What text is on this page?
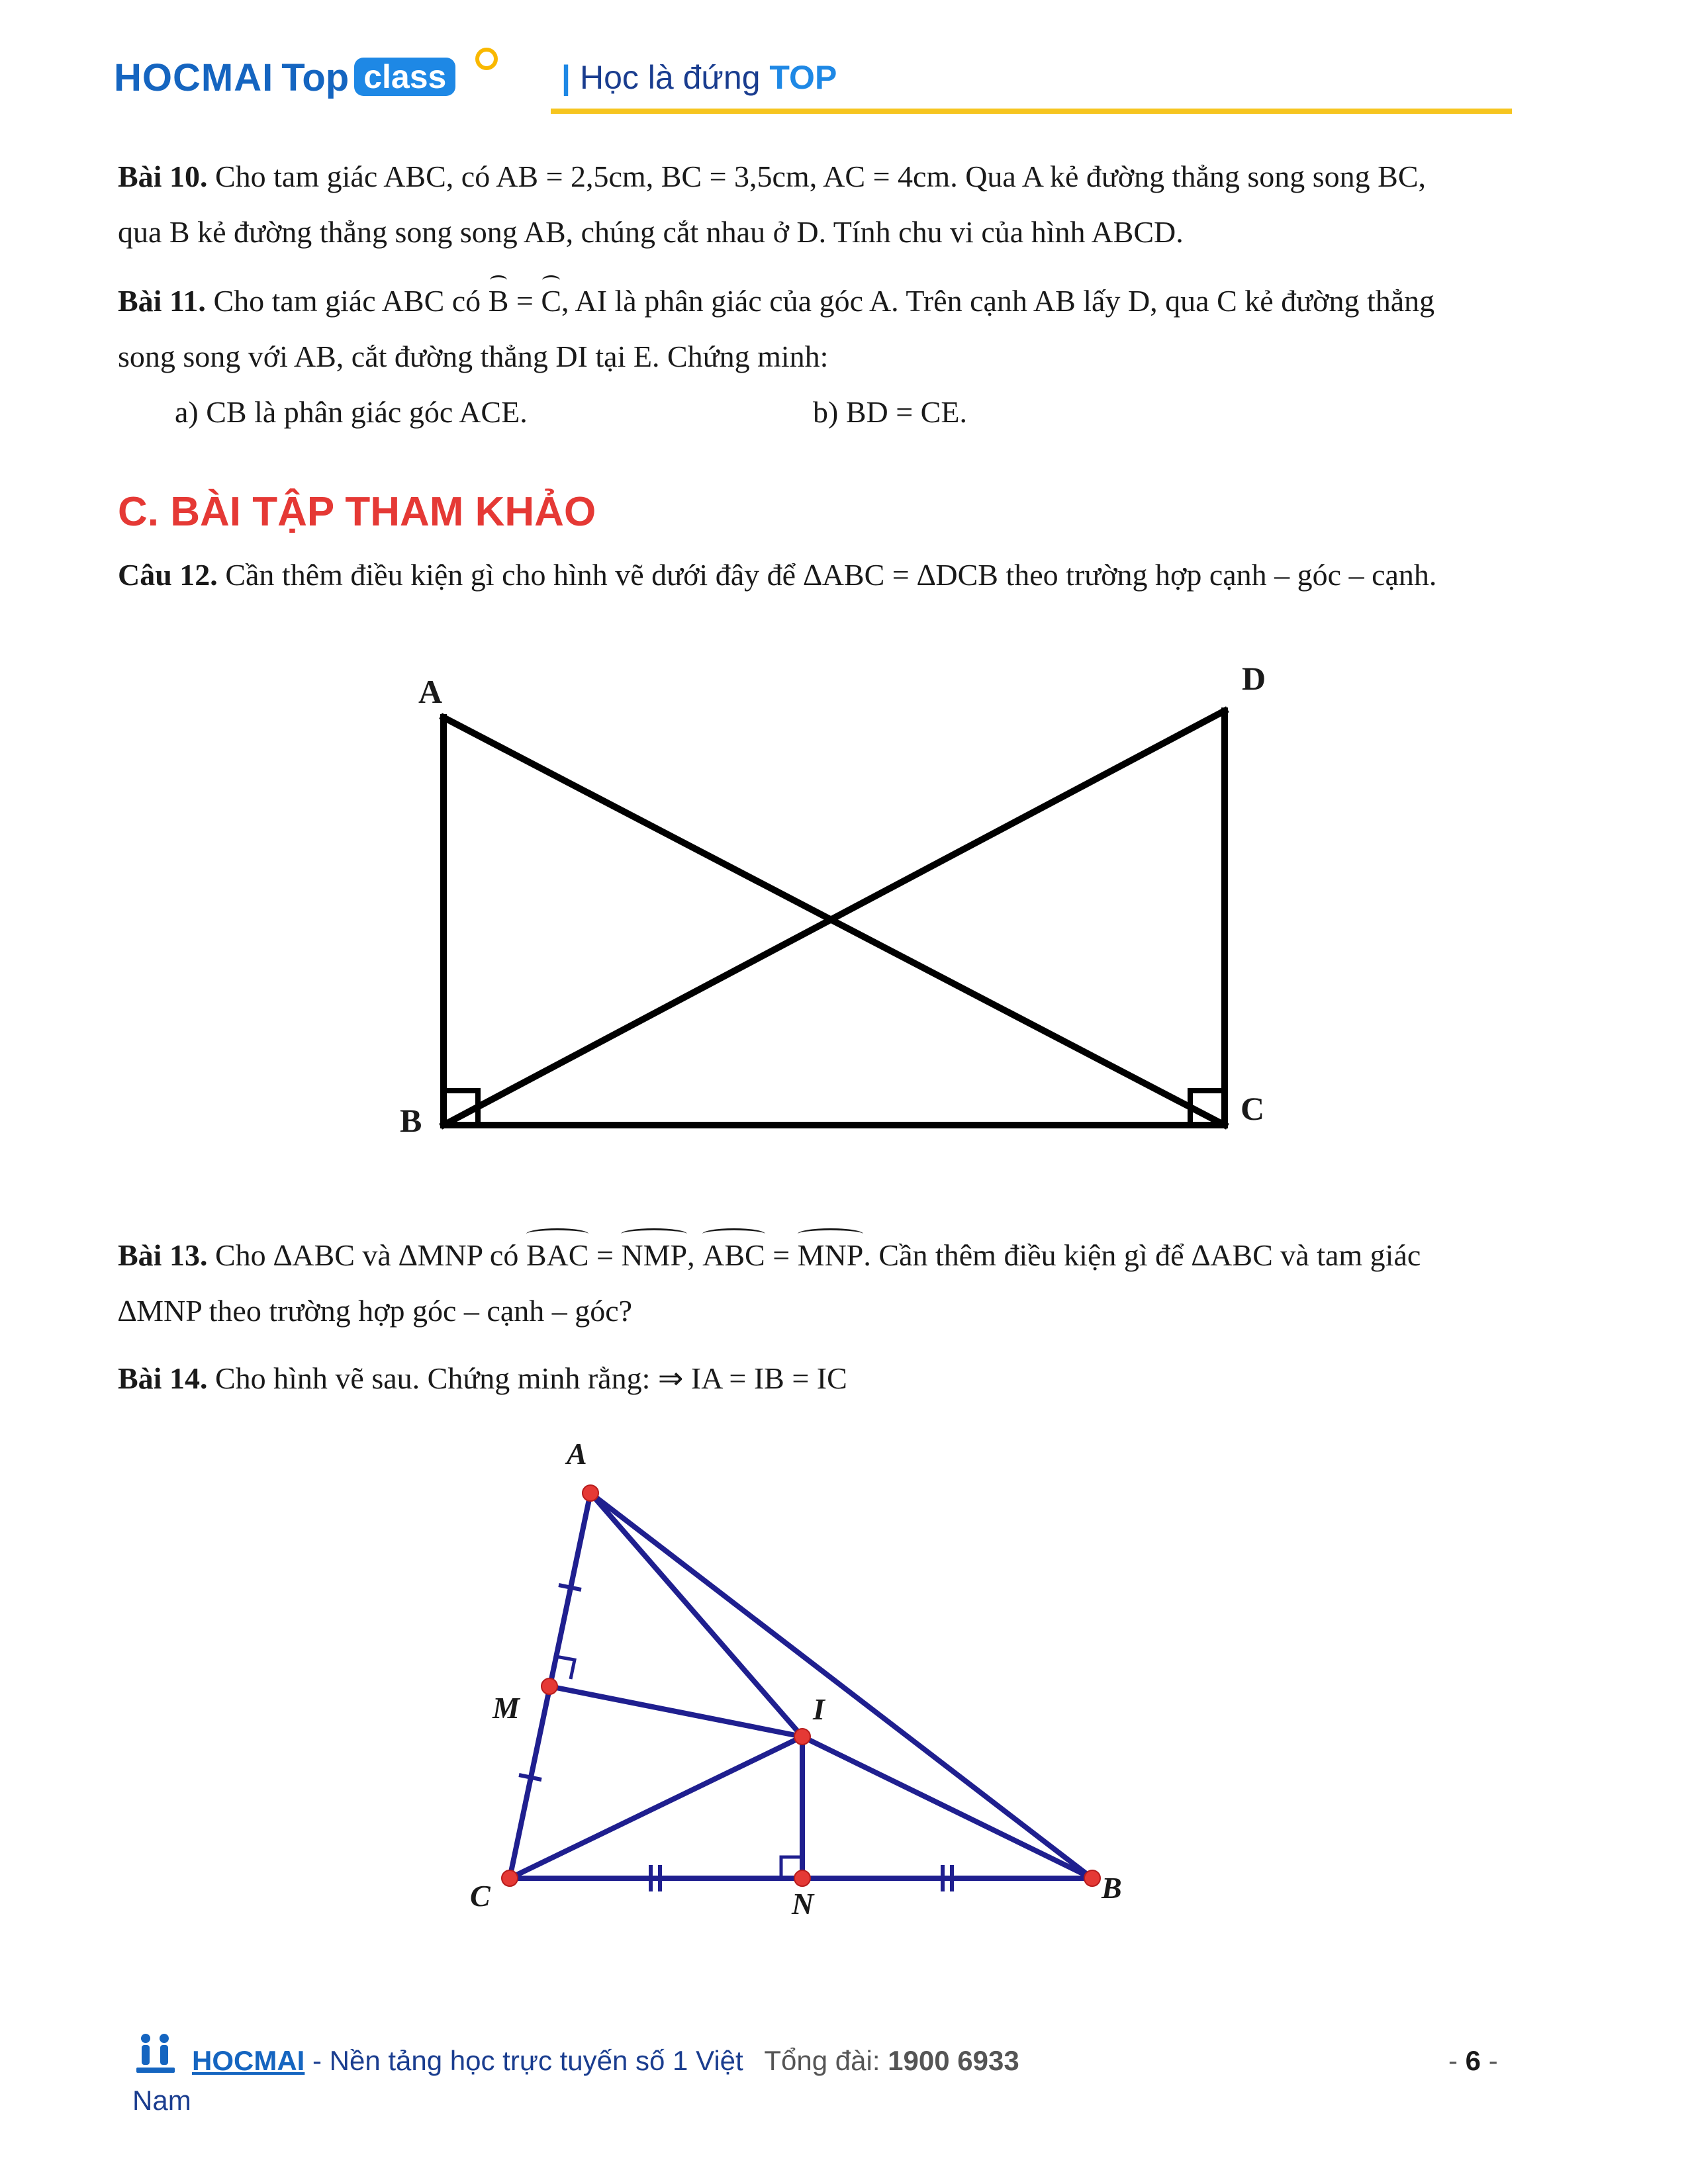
HOCMAI Top class	| Học là đứng TOP
Bài 10. Cho tam giác ABC, có AB = 2,5cm, BC = 3,5cm, AC = 4cm. Qua A kẻ đường thẳng song song BC,
qua B kẻ đường thẳng song song AB, chúng cắt nhau ở D. Tính chu vi của hình ABCD.
Bài 11. Cho tam giác ABC có B = C, AI là phân giác của góc A. Trên cạnh AB lấy D, qua C kẻ đường thẳng
song song với AB, cắt đường thẳng DI tại E. Chứng minh:
a) CB là phân giác góc ACE.	b) BD = CE.
C. BÀI TẬP THAM KHẢO
Câu 12. Cần thêm điều kiện gì cho hình vẽ dưới đây để ∆ABC = ∆DCB theo trường hợp cạnh – góc – cạnh.
A	D
B	C
Bài 13. Cho ∆ABC và ∆MNP có BAC = NMP, ABC = MNP. Cần thêm điều kiện gì để ∆ABC và tam giác
∆MNP theo trường hợp góc – cạnh – góc?
Bài 14. Cho hình vẽ sau. Chứng minh rằng: ⇒ IA = IB = IC
A
M	I
C	N	B
HOCMAI - Nền tảng học trực tuyến số 1 Việt Tổng đài: 1900 6933
Nam
- 6 -
